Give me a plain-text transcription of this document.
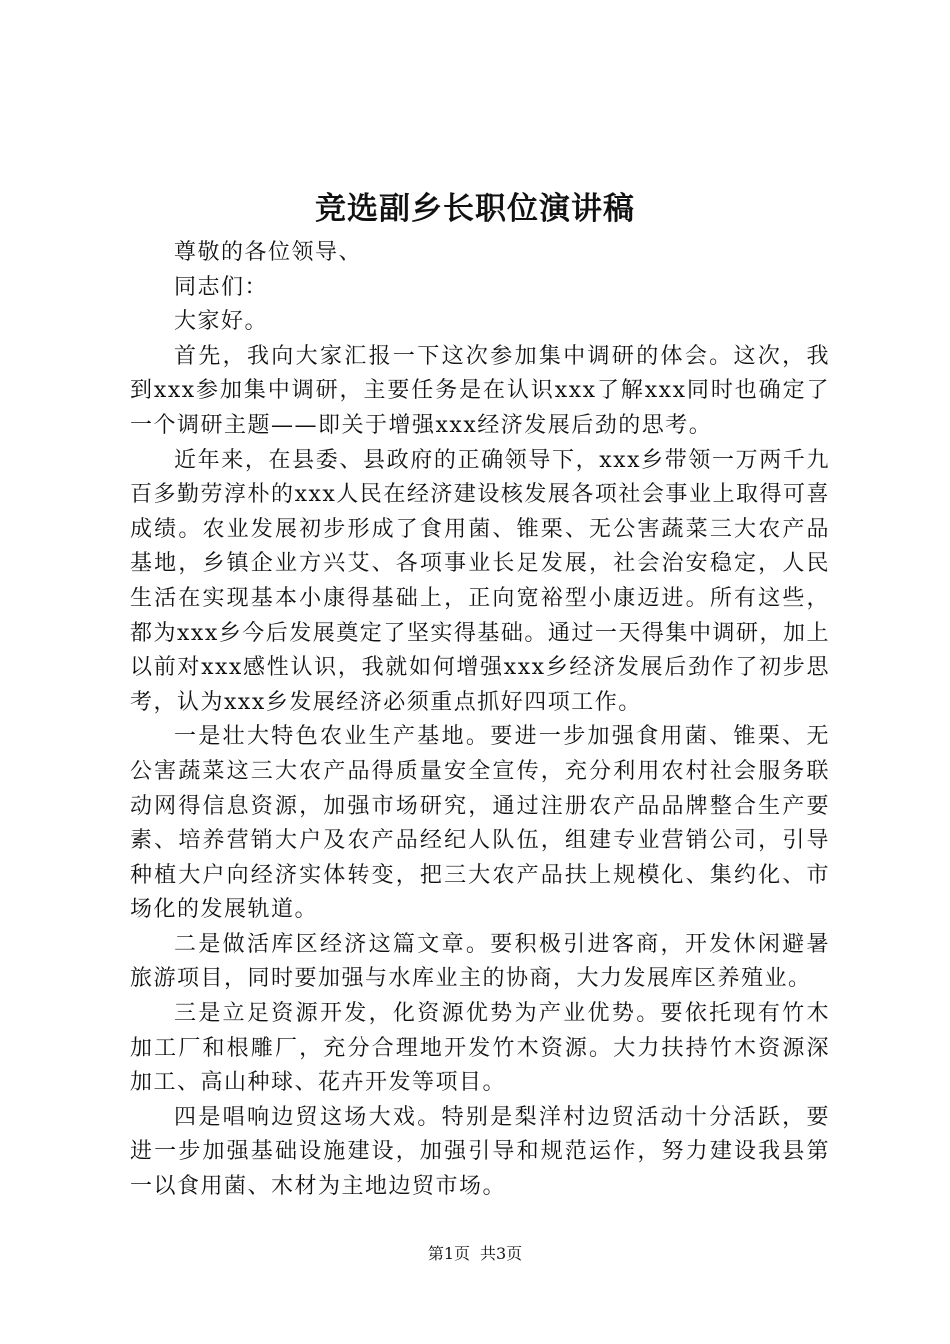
竞选副乡长职位演讲稿

尊敬的各位领导、

同志们：

大家好。

首先，我向大家汇报一下这次参加集中调研的体会。这次，我到xxx参加集中调研，主要任务是在认识xxx了解xxx同时也确定了一个调研主题——即关于增强xxx经济发展后劲的思考。

近年来，在县委、县政府的正确领导下，xxx乡带领一万两千九百多勤劳淳朴的xxx人民在经济建设核发展各项社会事业上取得可喜成绩。农业发展初步形成了食用菌、锥栗、无公害蔬菜三大农产品基地，乡镇企业方兴艾、各项事业长足发展，社会治安稳定，人民生活在实现基本小康得基础上，正向宽裕型小康迈进。所有这些，都为xxx乡今后发展奠定了坚实得基础。通过一天得集中调研，加上以前对xxx感性认识，我就如何增强xxx乡经济发展后劲作了初步思考，认为xxx乡发展经济必须重点抓好四项工作。

一是壮大特色农业生产基地。要进一步加强食用菌、锥栗、无公害蔬菜这三大农产品得质量安全宣传，充分利用农村社会服务联动网得信息资源，加强市场研究，通过注册农产品品牌整合生产要素、培养营销大户及农产品经纪人队伍，组建专业营销公司，引导种植大户向经济实体转变，把三大农产品扶上规模化、集约化、市场化的发展轨道。

二是做活库区经济这篇文章。要积极引进客商，开发休闲避暑旅游项目，同时要加强与水库业主的协商，大力发展库区养殖业。

三是立足资源开发，化资源优势为产业优势。要依托现有竹木加工厂和根雕厂，充分合理地开发竹木资源。大力扶持竹木资源深加工、高山种球、花卉开发等项目。

四是唱响边贸这场大戏。特别是梨洋村边贸活动十分活跃，要进一步加强基础设施建设，加强引导和规范运作，努力建设我县第一以食用菌、木材为主地边贸市场。

第1页 共3页
